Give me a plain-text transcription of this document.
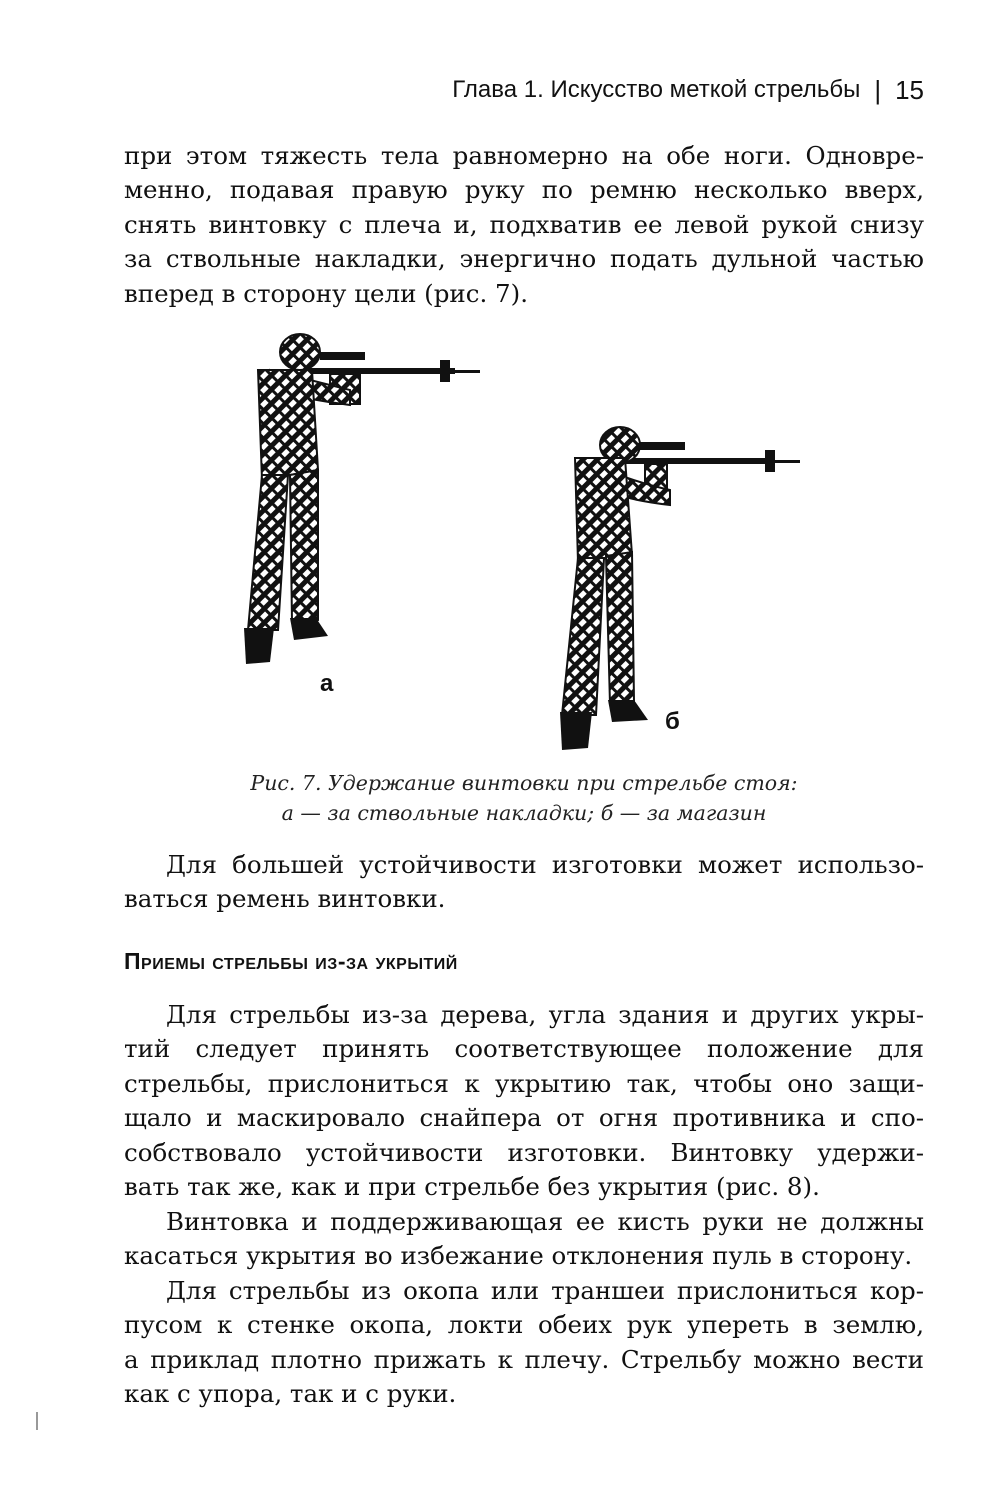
Глава 1. Искусство меткой стрельбы | 15
при этом тяжесть тела равномерно на обе ноги. Одновре-
менно, подавая правую руку по ремню несколько вверх,
снять винтовку с плеча и, подхватив ее левой рукой снизу
за ствольные накладки, энергично подать дульной частью
вперед в сторону цели (рис. 7).
а
б
Рис. 7. Удержание винтовки при стрельбе стоя:
а — за ствольные накладки; б — за магазин
Для большей устойчивости изготовки может использо-
ваться ремень винтовки.
Приемы стрельбы из-за укрытий
Для стрельбы из-за дерева, угла здания и других укры-
тий следует принять соответствующее положение для
стрельбы, прислониться к укрытию так, чтобы оно защи-
щало и маскировало снайпера от огня противника и спо-
собствовало устойчивости изготовки. Винтовку удержи-
вать так же, как и при стрельбе без укрытия (рис. 8).
Винтовка и поддерживающая ее кисть руки не должны
касаться укрытия во избежание отклонения пуль в сторону.
Для стрельбы из окопа или траншеи прислониться кор-
пусом к стенке окопа, локти обеих рук упереть в землю,
а приклад плотно прижать к плечу. Стрельбу можно вести
как с упора, так и с руки.
